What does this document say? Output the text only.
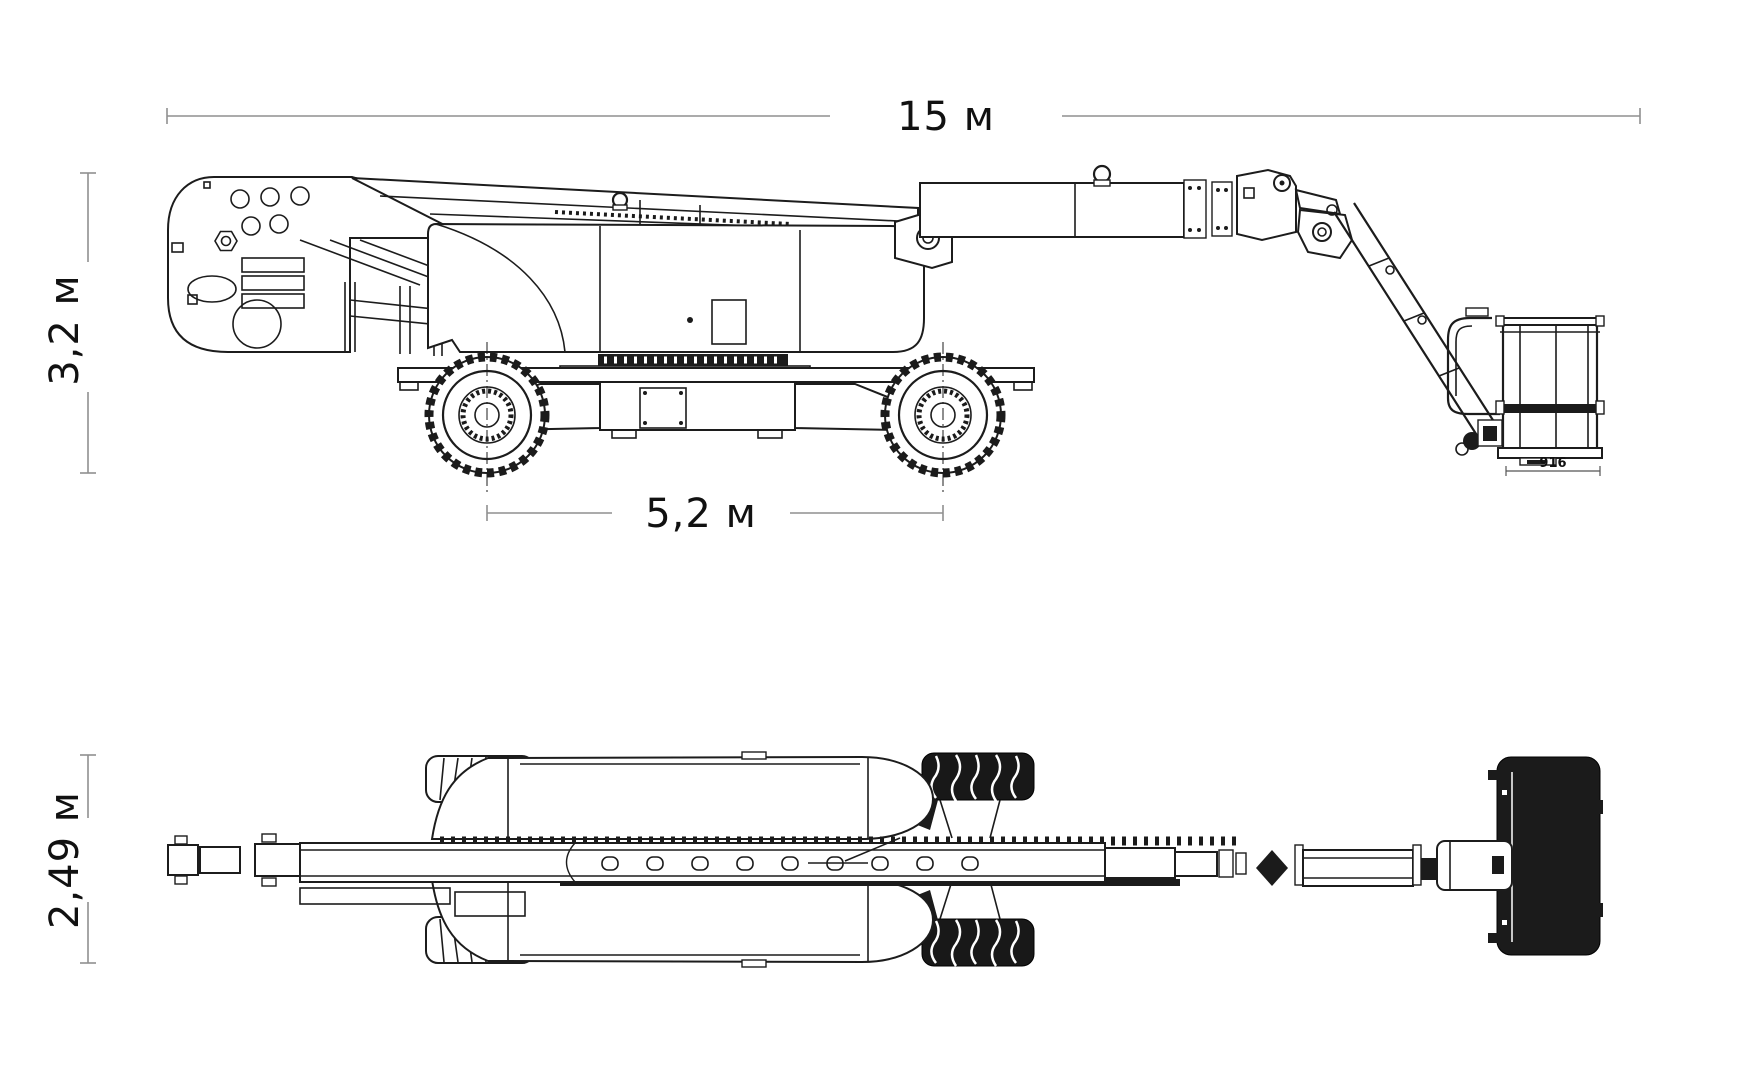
15 м
3,2 м
5,2 м
916
2,49 м
